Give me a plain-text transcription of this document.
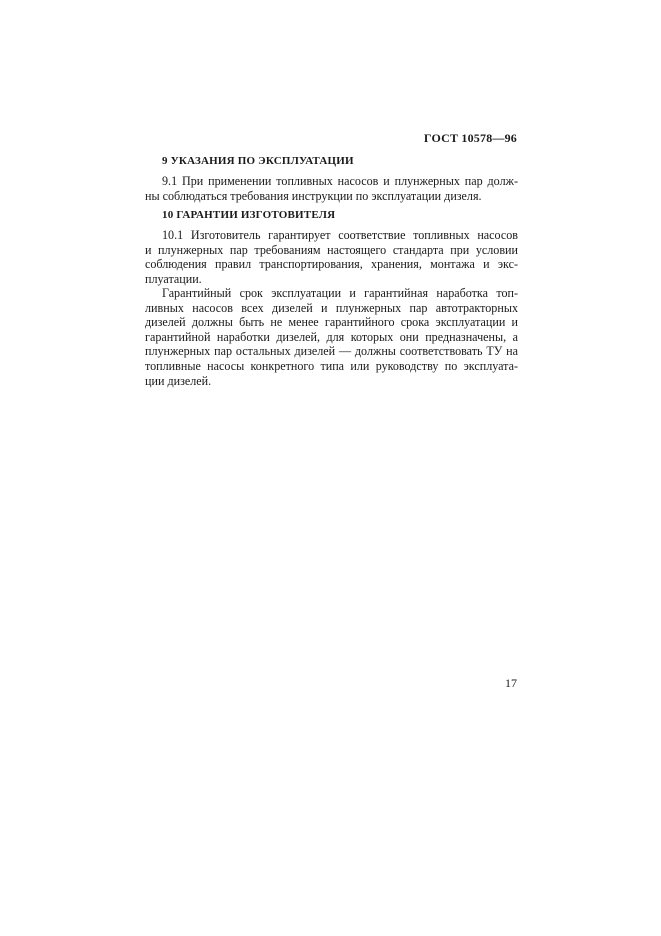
ГОСТ 10578—96
9 УКАЗАНИЯ ПО ЭКСПЛУАТАЦИИ
9.1 При применении топливных насосов и плунжерных пар долж-
ны соблюдаться требования инструкции по эксплуатации дизеля.
10 ГАРАНТИИ ИЗГОТОВИТЕЛЯ
10.1 Изготовитель гарантирует соответствие топливных насосов
и плунжерных пар требованиям настоящего стандарта при условии
соблюдения правил транспортирования, хранения, монтажа и экс-
плуатации.
Гарантийный срок эксплуатации и гарантийная наработка топ-
ливных насосов всех дизелей и плунжерных пар автотракторных
дизелей должны быть не менее гарантийного срока эксплуатации и
гарантийной наработки дизелей, для которых они предназначены, а
плунжерных пар остальных дизелей — должны соответствовать ТУ на
топливные насосы конкретного типа или руководству по эксплуата-
ции дизелей.
17
